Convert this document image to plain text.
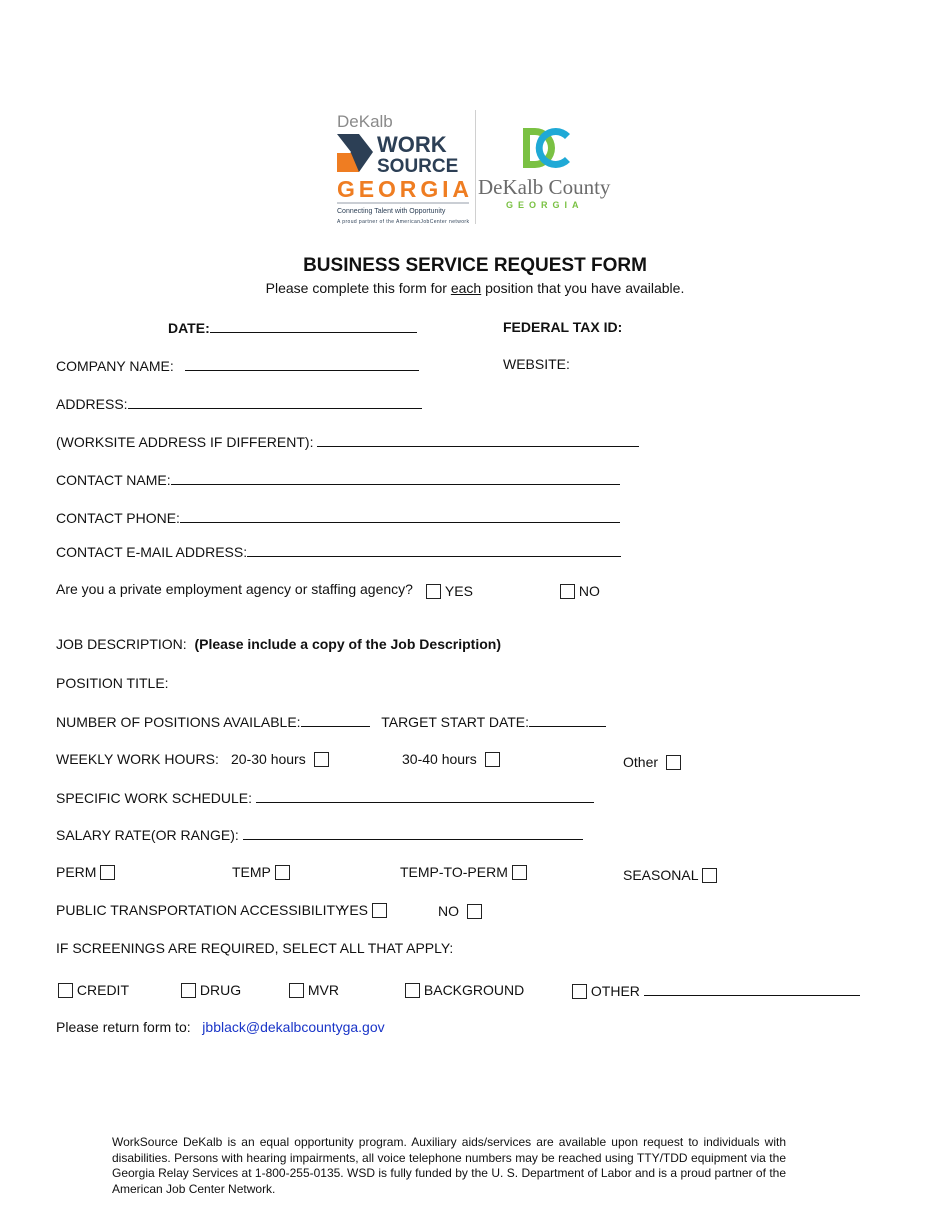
DeKalb
WORK
SOURCE
GEORGIA
Connecting Talent with Opportunity
A proud partner of the AmericanJobCenter network
DeKalb County
GEORGIA
BUSINESS SERVICE REQUEST FORM
Please complete this form for each position that you have available.
DATE:	FEDERAL TAX ID:
COMPANY NAME:	WEBSITE:
ADDRESS:
(WORKSITE ADDRESS IF DIFFERENT):
CONTACT NAME:
CONTACT PHONE:
CONTACT E-MAIL ADDRESS:
Are you a private employment agency or staffing agency?	YES	NO
JOB DESCRIPTION: (Please include a copy of the Job Description)
POSITION TITLE:
NUMBER OF POSITIONS AVAILABLE:	TARGET START DATE:
WEEKLY WORK HOURS: 20-30 hours	30-40 hours	Other
SPECIFIC WORK SCHEDULE:
SALARY RATE(OR RANGE):
PERM	TEMP	TEMP-TO-PERM	SEASONAL
PUBLIC TRANSPORTATION ACCESSIBILITY
YES	NO
IF SCREENINGS ARE REQUIRED, SELECT ALL THAT APPLY:
CREDIT	DRUG	MVR	BACKGROUND	OTHER
Please return form to: jbblack@dekalbcountyga.gov
WorkSource DeKalb is an equal opportunity program. Auxiliary aids/services are available upon request to individuals with disabilities. Persons with hearing impairments, all voice telephone numbers may be reached using TTY/TDD equipment via the Georgia Relay Services at 1-800-255-0135. WSD is fully funded by the U. S. Department of Labor and is a proud partner of the American Job Center Network.
